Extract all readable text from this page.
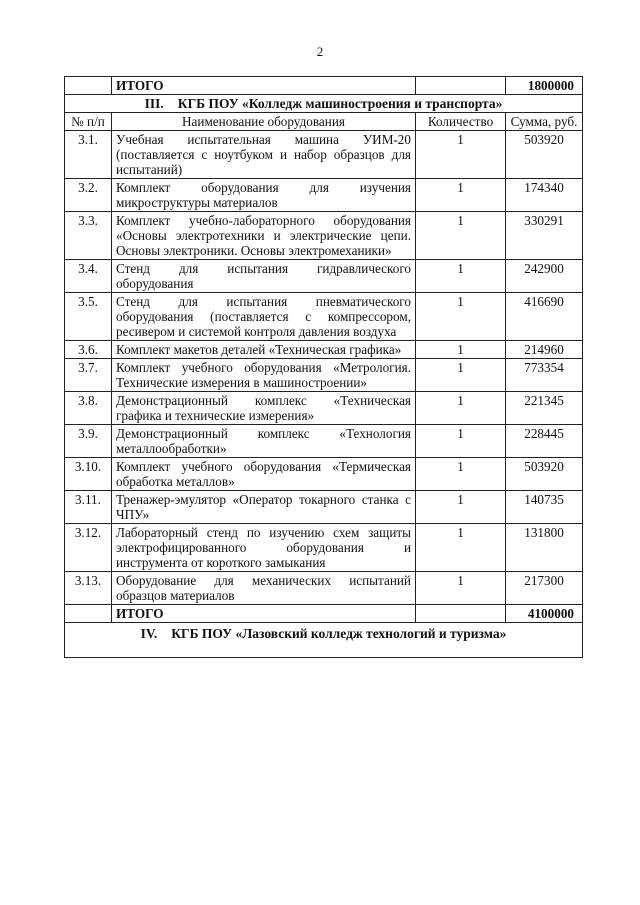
2
	ИТОГО		1800000
III. КГБ ПОУ «Колледж машиностроения и транспорта»			
№ п/п	Наименование оборудования	Количество	Сумма, руб.
3.1.	Учебная испытательная машина УИМ-20 (поставляется с ноутбуком и набор образцов для испытаний)	1	503920
3.2.	Комплект оборудования для изучения микроструктуры материалов	1	174340
3.3.	Комплект учебно-лабораторного оборудования «Основы электротехники и электрические цепи. Основы электроники. Основы электромеханики»	1	330291
3.4.	Стенд для испытания гидравлического оборудования	1	242900
3.5.	Стенд для испытания пневматического оборудования (поставляется с компрессором, ресивером и системой контроля давления воздуха	1	416690
3.6.	Комплект макетов деталей «Техническая графика»	1	214960
3.7.	Комплект учебного оборудования «Метрология. Технические измерения в машиностроении»	1	773354
3.8.	Демонстрационный комплекс «Техническая графика и технические измерения»	1	221345
3.9.	Демонстрационный комплекс «Технология металлообработки»	1	228445
3.10.	Комплект учебного оборудования «Термическая обработка металлов»	1	503920
3.11.	Тренажер-эмулятор «Оператор токарного станка с ЧПУ»	1	140735
3.12.	Лабораторный стенд по изучению схем защиты электрофицированного оборудования и инструмента от короткого замыкания	1	131800
3.13.	Оборудование для механических испытаний образцов материалов	1	217300
	ИТОГО		4100000
IV. КГБ ПОУ «Лазовский колледж технологий и туризма»			
